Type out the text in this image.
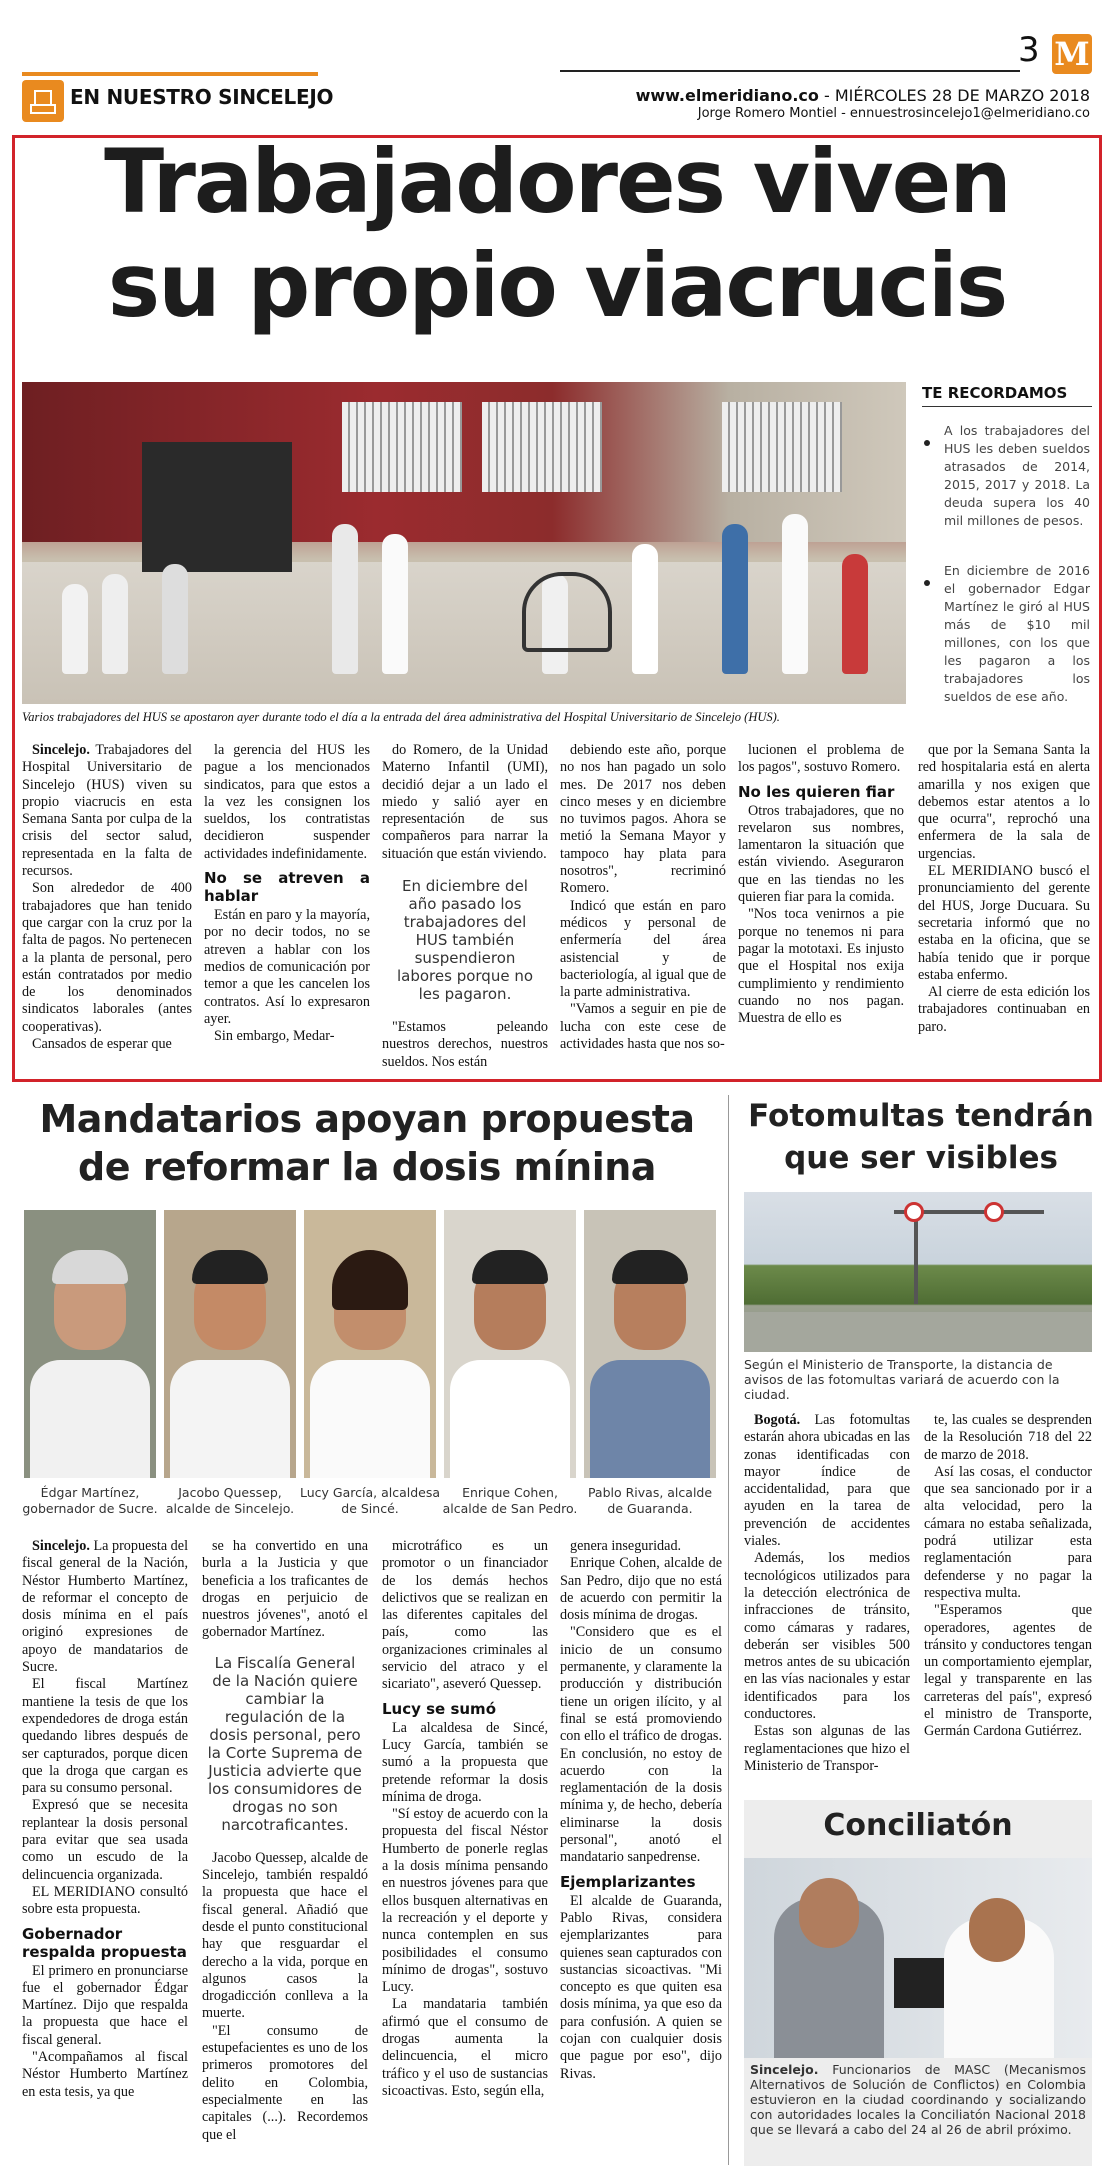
3 M
EN NUESTRO SINCELEJO	www.elmeridiano.co - MIÉRCOLES 28 DE MARZO 2018
Jorge Romero Montiel - ennuestrosincelejo1@elmeridiano.co
Trabajadores viven
su propio viacrucis
Varios trabajadores del HUS se apostaron ayer durante todo el día a la entrada del área administrativa del Hospital Universitario de Sincelejo (HUS).
TE RECORDAMOS
A los trabajadores del HUS les deben sueldos atrasados de 2014, 2015, 2017 y 2018. La deuda supera los 40 mil millones de pesos.
En diciembre de 2016 el gobernador Edgar Martínez le giró al HUS más de $10 mil millones, con los que les pagaron a los trabajadores los sueldos de ese año.

Sincelejo. Trabajadores del Hospital Universitario de Sincelejo (HUS) viven su propio viacrucis en esta Semana Santa por culpa de la crisis del sector salud, representada en la falta de recursos.

Son alrededor de 400 trabajadores que han tenido que cargar con la cruz por la falta de pagos. No pertenecen a la planta de personal, pero están contratados por medio de los denominados sindicatos laborales (antes cooperativas).

Cansados de esperar que

la gerencia del HUS les pague a los mencionados sindicatos, para que estos a la vez les consignen los sueldos, los contratistas decidieron suspender actividades indefinidamente.

No se atreven a hablar

Están en paro y la mayoría, por no decir todos, no se atreven a hablar con los medios de comunicación por temor a que les cancelen los contratos. Así lo expresaron ayer.

Sin embargo, Medar-

do Romero, de la Unidad Materno Infantil (UMI), decidió dejar a un lado el miedo y salió ayer en representación de sus compañeros para narrar la situación que están viviendo.

En diciembre del año pasado los trabajadores del HUS también suspendieron labores porque no les pagaron.

"Estamos peleando nuestros derechos, nuestros sueldos. Nos están

debiendo este año, porque no nos han pagado un solo mes. De 2017 nos deben cinco meses y en diciembre no tuvimos pagos. Ahora se metió la Semana Mayor y tampoco hay plata para nosotros", recriminó Romero.

Indicó que están en paro médicos y personal de enfermería del área asistencial y de bacteriología, al igual que de la parte administrativa.

"Vamos a seguir en pie de lucha con este cese de actividades hasta que nos so-

lucionen el problema de los pagos", sostuvo Romero.

No les quieren fiar

Otros trabajadores, que no revelaron sus nombres, lamentaron la situación que están viviendo. Aseguraron que en las tiendas no les quieren fiar para la comida.

"Nos toca venirnos a pie porque no tenemos ni para pagar la mototaxi. Es injusto que el Hospital nos exija cumplimiento y rendimiento cuando no nos pagan. Muestra de ello es

que por la Semana Santa la red hospitalaria está en alerta amarilla y nos exigen que debemos estar atentos a lo que ocurra", reprochó una enfermera de la sala de urgencias.

EL MERIDIANO buscó el pronunciamiento del gerente del HUS, Jorge Ducuara. Su secretaria informó que no estaba en la oficina, que se había tenido que ir porque estaba enfermo.

Al cierre de esta edición los trabajadores continuaban en paro.

Mandatarios apoyan propuesta
de reformar la dosis mínina
Édgar Martínez, gobernador de Sucre.
Jacobo Quessep, alcalde de Sincelejo.
Lucy García, alcaldesa de Sincé.
Enrique Cohen, alcalde de San Pedro.
Pablo Rivas, alcalde de Guaranda.

Sincelejo. La propuesta del fiscal general de la Nación, Néstor Humberto Martínez, de reformar el concepto de dosis mínima en el país originó expresiones de apoyo de mandatarios de Sucre.

El fiscal Martínez mantiene la tesis de que los expendedores de droga están quedando libres después de ser capturados, porque dicen que la droga que cargan es para su consumo personal.

Expresó que se necesita replantear la dosis personal para evitar que sea usada como un escudo de la delincuencia organizada.

EL MERIDIANO consultó sobre esta propuesta.

Gobernador respalda propuesta

El primero en pronunciarse fue el gobernador Édgar Martínez. Dijo que respalda la propuesta que hace el fiscal general.

"Acompañamos al fiscal Néstor Humberto Martínez en esta tesis, ya que

se ha convertido en una burla a la Justicia y que beneficia a los traficantes de drogas en perjuicio de nuestros jóvenes", anotó el gobernador Martínez.

La Fiscalía General de la Nación quiere cambiar la regulación de la dosis personal, pero la Corte Suprema de Justicia advierte que los consumidores de drogas no son narcotraficantes.

Jacobo Quessep, alcalde de Sincelejo, también respaldó la propuesta que hace el fiscal general. Añadió que desde el punto constitucional hay que resguardar el derecho a la vida, porque en algunos casos la drogadicción conlleva a la muerte.

"El consumo de estupefacientes es uno de los primeros promotores del delito en Colombia, especialmente en las capitales (...). Recordemos que el

microtráfico es un promotor o un financiador de los demás hechos delictivos que se realizan en las diferentes capitales del país, como las organizaciones criminales al servicio del atraco y el sicariato", aseveró Quessep.

Lucy se sumó

La alcaldesa de Sincé, Lucy García, también se sumó a la propuesta que pretende reformar la dosis mínima de droga.

"Sí estoy de acuerdo con la propuesta del fiscal Néstor Humberto de ponerle reglas a la dosis mínima pensando en nuestros jóvenes para que ellos busquen alternativas en la recreación y el deporte y nunca contemplen en sus posibilidades el consumo mínimo de drogas", sostuvo Lucy.

La mandataria también afirmó que el consumo de drogas aumenta la delincuencia, el micro tráfico y el uso de sustancias sicoactivas. Esto, según ella,

genera inseguridad.

Enrique Cohen, alcalde de San Pedro, dijo que no está de acuerdo con permitir la dosis mínima de drogas.

"Considero que es el inicio de un consumo permanente, y claramente la producción y distribución tiene un origen ilícito, y al final se está promoviendo con ello el tráfico de drogas. En conclusión, no estoy de acuerdo con la reglamentación de la dosis mínima y, de hecho, debería eliminarse la dosis personal", anotó el mandatario sanpedrense.

Ejemplarizantes

El alcalde de Guaranda, Pablo Rivas, considera ejemplarizantes para quienes sean capturados con sustancias sicoactivas. "Mi concepto es que quiten esa dosis mínima, ya que eso da para confusión. A quien se cojan con cualquier dosis que pague por eso", dijo Rivas.

Fotomultas tendrán
que ser visibles
Según el Ministerio de Transporte, la distancia de avisos de las fotomultas variará de acuerdo con la ciudad.

Bogotá. Las fotomultas estarán ahora ubicadas en las zonas identificadas con mayor índice de accidentalidad, para que ayuden en la tarea de prevención de accidentes viales.

Además, los medios tecnológicos utilizados para la detección electrónica de infracciones de tránsito, como cámaras y radares, deberán ser visibles 500 metros antes de su ubicación en las vías nacionales y estar identificados para los conductores.

Estas son algunas de las reglamentaciones que hizo el Ministerio de Transpor-

te, las cuales se desprenden de la Resolución 718 del 22 de marzo de 2018.

Así las cosas, el conductor que sea sancionado por ir a alta velocidad, pero la cámara no estaba señalizada, podrá utilizar esta reglamentación para defenderse y no pagar la respectiva multa.

"Esperamos que operadores, agentes de tránsito y conductores tengan un comportamiento ejemplar, legal y transparente en las carreteras del país", expresó el ministro de Transporte, Germán Cardona Gutiérrez.

Conciliatón
Sincelejo. Funcionarios de MASC (Mecanismos Alternativos de Solución de Conflictos) en Colombia estuvieron en la ciudad coordinando y socializando con autoridades locales la Conciliatón Nacional 2018 que se llevará a cabo del 24 al 26 de abril próximo.
